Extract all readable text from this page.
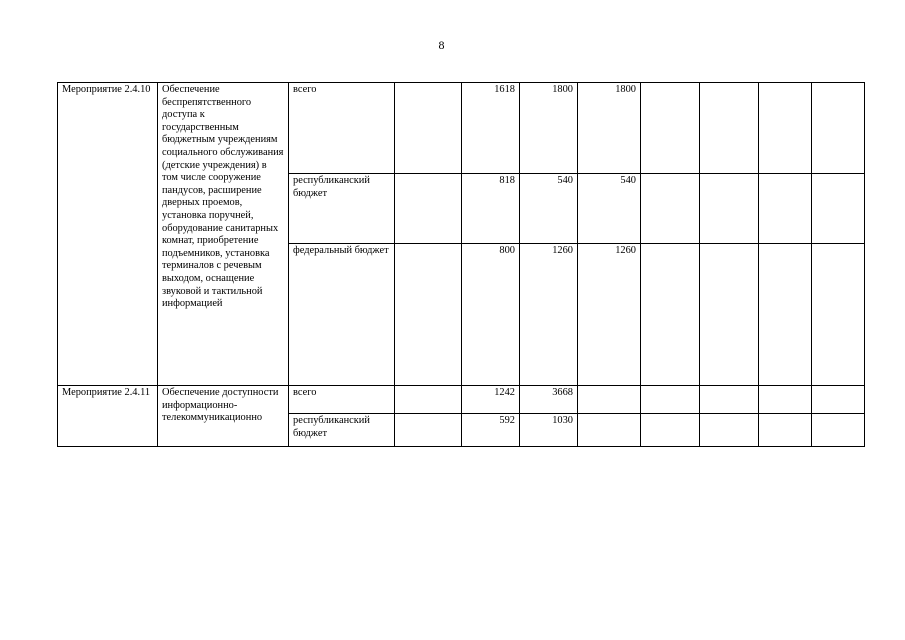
8
Мероприятие 2.4.10	Обеспечение беспрепятственного доступа к государственным бюджетным учреждениям социального обслуживания (детские учреждения) в том числе сооружение пандусов, расширение дверных проемов, установка поручней, оборудование санитарных комнат, приобретение подъемников, установка терминалов с речевым выходом, оснащение звуковой и тактильной информацией	всего		1618	1800	1800				
		республиканский бюджет		818	540	540				
		федеральный бюджет		800	1260	1260				
Мероприятие 2.4.11	Обеспечение доступности информационно-телекоммуникационно	всего		1242	3668					
		республиканский бюджет		592	1030					
